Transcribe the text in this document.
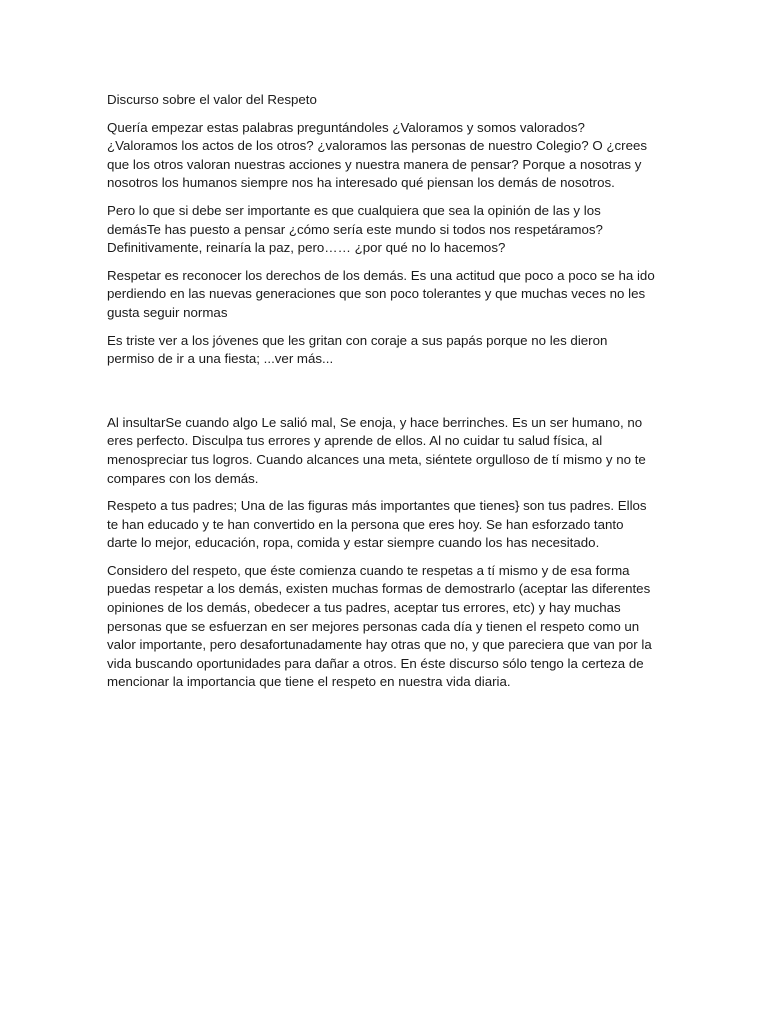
Discurso sobre el valor del Respeto

Quería empezar estas palabras preguntándoles ¿Valoramos y somos valorados? ¿Valoramos los actos de los otros? ¿valoramos las personas de nuestro Colegio? O ¿crees que los otros valoran nuestras acciones y nuestra manera de pensar? Porque a nosotras y nosotros los humanos siempre nos ha interesado qué piensan los demás de nosotros.

Pero lo que si debe ser importante es que cualquiera que sea la opinión de las y los demásTe has puesto a pensar ¿cómo sería este mundo si todos nos respetáramos? Definitivamente, reinaría la paz, pero…… ¿por qué no lo hacemos?

Respetar es reconocer los derechos de los demás. Es una actitud que poco a poco se ha ido perdiendo en las nuevas generaciones que son poco tolerantes y que muchas veces no les gusta seguir normas

Es triste ver a los jóvenes que les gritan con coraje a sus papás porque no les dieron permiso de ir a una fiesta; ...ver más...

Al insultarSe cuando algo Le salió mal, Se enoja, y hace berrinches. Es un ser humano, no eres perfecto. Disculpa tus errores y aprende de ellos. Al no cuidar tu salud física, al menospreciar tus logros. Cuando alcances una meta, siéntete orgulloso de tí mismo y no te compares con los demás.

Respeto a tus padres; Una de las figuras más importantes que tienes} son tus padres. Ellos te han educado y te han convertido en la persona que eres hoy. Se han esforzado tanto darte lo mejor, educación, ropa, comida y estar siempre cuando los has necesitado.

Considero del respeto, que éste comienza cuando te respetas a tí mismo y de esa forma puedas respetar a los demás, existen muchas formas de demostrarlo (aceptar las diferentes opiniones de los demás, obedecer a tus padres, aceptar tus errores, etc) y hay muchas personas que se esfuerzan en ser mejores personas cada día y tienen el respeto como un valor importante, pero desafortunadamente hay otras que no, y que pareciera que van por la vida buscando oportunidades para dañar a otros. En éste discurso sólo tengo la certeza de mencionar la importancia que tiene el respeto en nuestra vida diaria.
